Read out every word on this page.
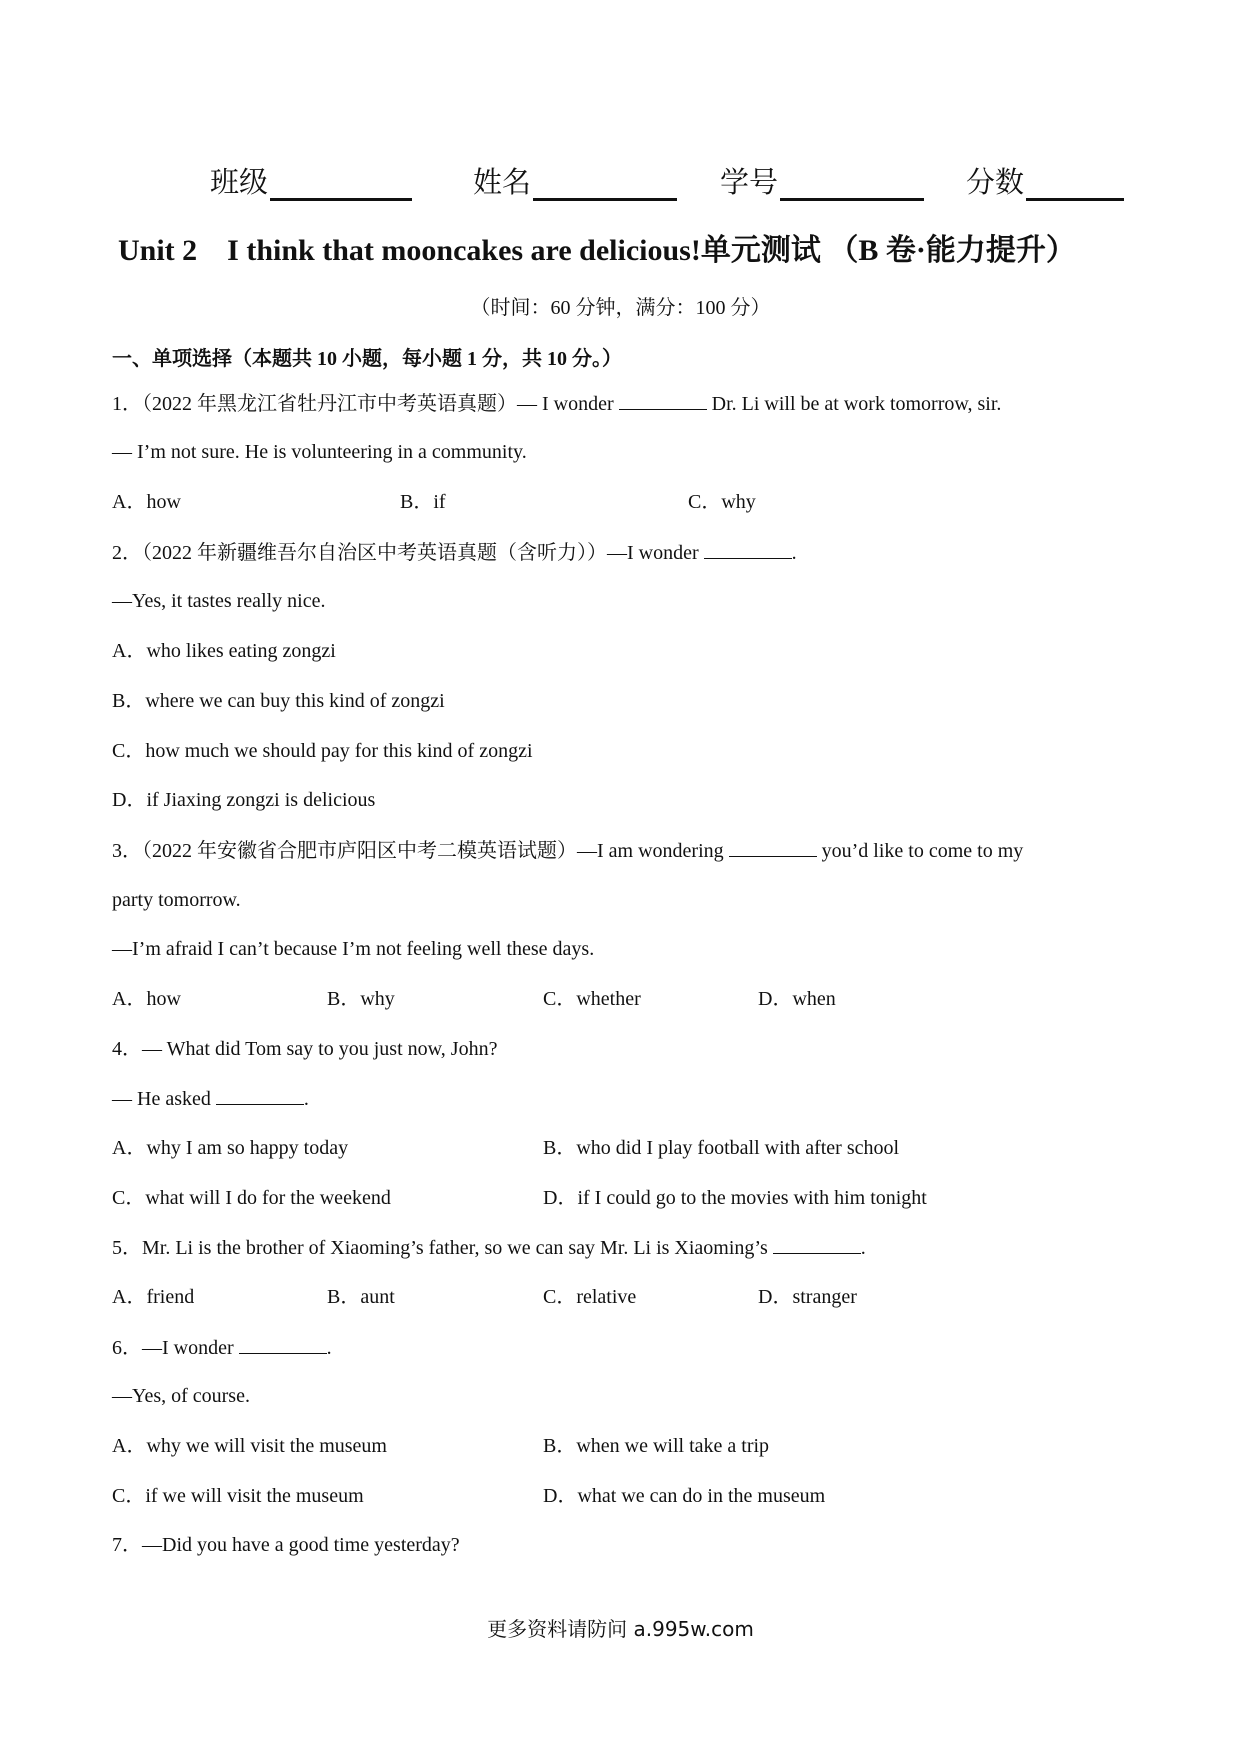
班级	姓名	学号	分数
Unit 2　I think that mooncakes are delicious!单元测试 （B 卷·能力提升）
（时间：60 分钟，满分：100 分）
一、单项选择（本题共 10 小题，每小题 1 分，共 10 分。）
1．（2022 年黑龙江省牡丹江市中考英语真题）— I wonder	Dr. Li will be at work tomorrow, sir.
— I’m not sure. He is volunteering in a community.
A．how	B．if	C．why
2．（2022 年新疆维吾尔自治区中考英语真题（含听力））—I wonder	.
—Yes, it tastes really nice.
A．who likes eating zongzi
B．where we can buy this kind of zongzi
C．how much we should pay for this kind of zongzi
D．if Jiaxing zongzi is delicious
3．（2022 年安徽省合肥市庐阳区中考二模英语试题）—I am wondering	you’d like to come to my
party tomorrow.
—I’m afraid I can’t because I’m not feeling well these days.
A．how	B．why	C．whether	D．when
4．— What did Tom say to you just now, John?
— He asked	.
A．why I am so happy today	B．who did I play football with after school
C．what will I do for the weekend	D．if I could go to the movies with him tonight
5．Mr. Li is the brother of Xiaoming’s father, so we can say Mr. Li is Xiaoming’s	.
A．friend	B．aunt	C．relative	D．stranger
6．—I wonder	.
—Yes, of course.
A．why we will visit the museum	B．when we will take a trip
C．if we will visit the museum	D．what we can do in the museum
7．—Did you have a good time yesterday?
更多资料请防问 a.995w.com
